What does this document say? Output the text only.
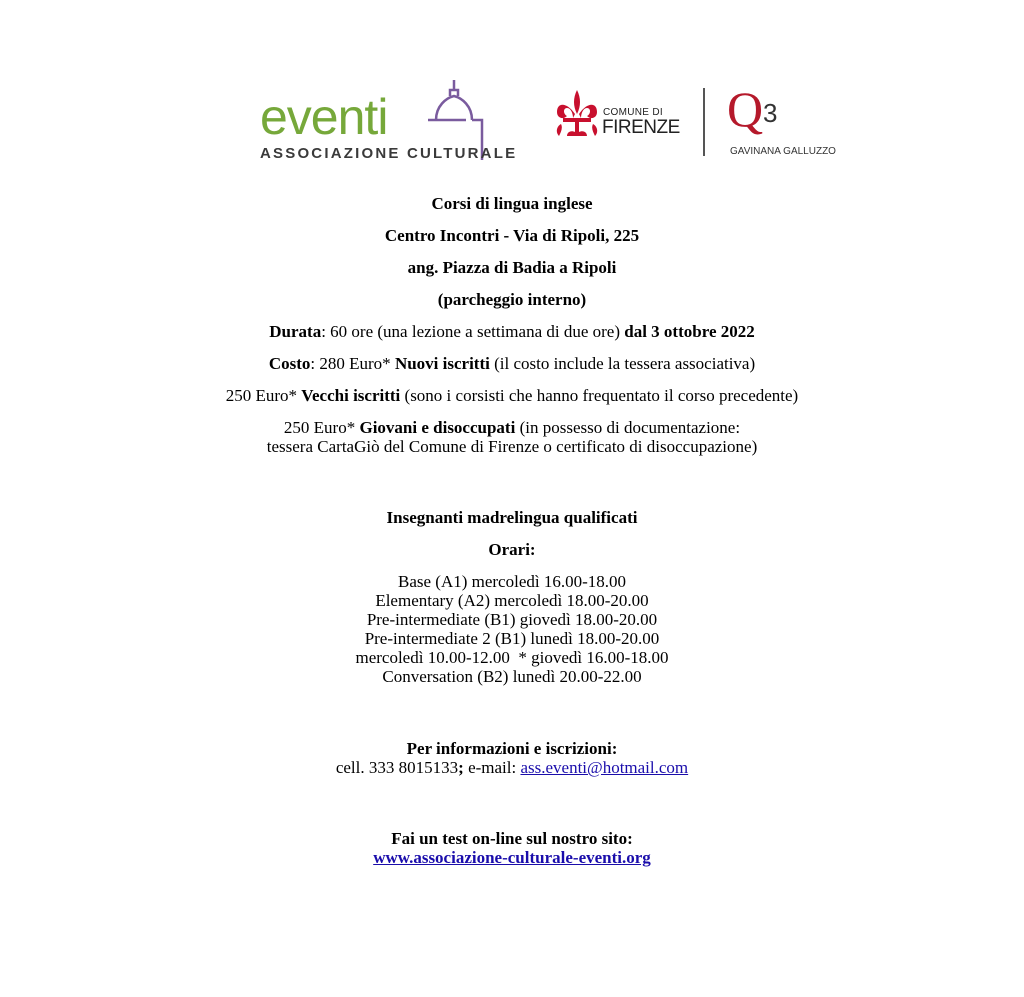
eventi
ASSOCIAZIONE CULTURALE
COMUNE DI
FIRENZE Q 3
GAVINANA GALLUZZO

Corsi di lingua inglese

Centro Incontri - Via di Ripoli, 225

ang. Piazza di Badia a Ripoli

(parcheggio interno)

Durata: 60 ore (una lezione a settimana di due ore) dal 3 ottobre 2022

Costo: 280 Euro* Nuovi iscritti (il costo include la tessera associativa)

250 Euro* Vecchi iscritti (sono i corsisti che hanno frequentato il corso precedente)

250 Euro* Giovani e disoccupati (in possesso di documentazione:

tessera CartaGiò del Comune di Firenze o certificato di disoccupazione)

Insegnanti madrelingua qualificati

Orari:

Base (A1) mercoledì 16.00-18.00

Elementary (A2) mercoledì 18.00-20.00

Pre-intermediate (B1) giovedì 18.00-20.00

Pre-intermediate 2 (B1) lunedì 18.00-20.00

mercoledì 10.00-12.00  * giovedì 16.00-18.00

Conversation (B2) lunedì 20.00-22.00

Per informazioni e iscrizioni:

cell. 333 8015133; e-mail: ass.eventi@hotmail.com

Fai un test on-line sul nostro sito:

www.associazione-culturale-eventi.org
